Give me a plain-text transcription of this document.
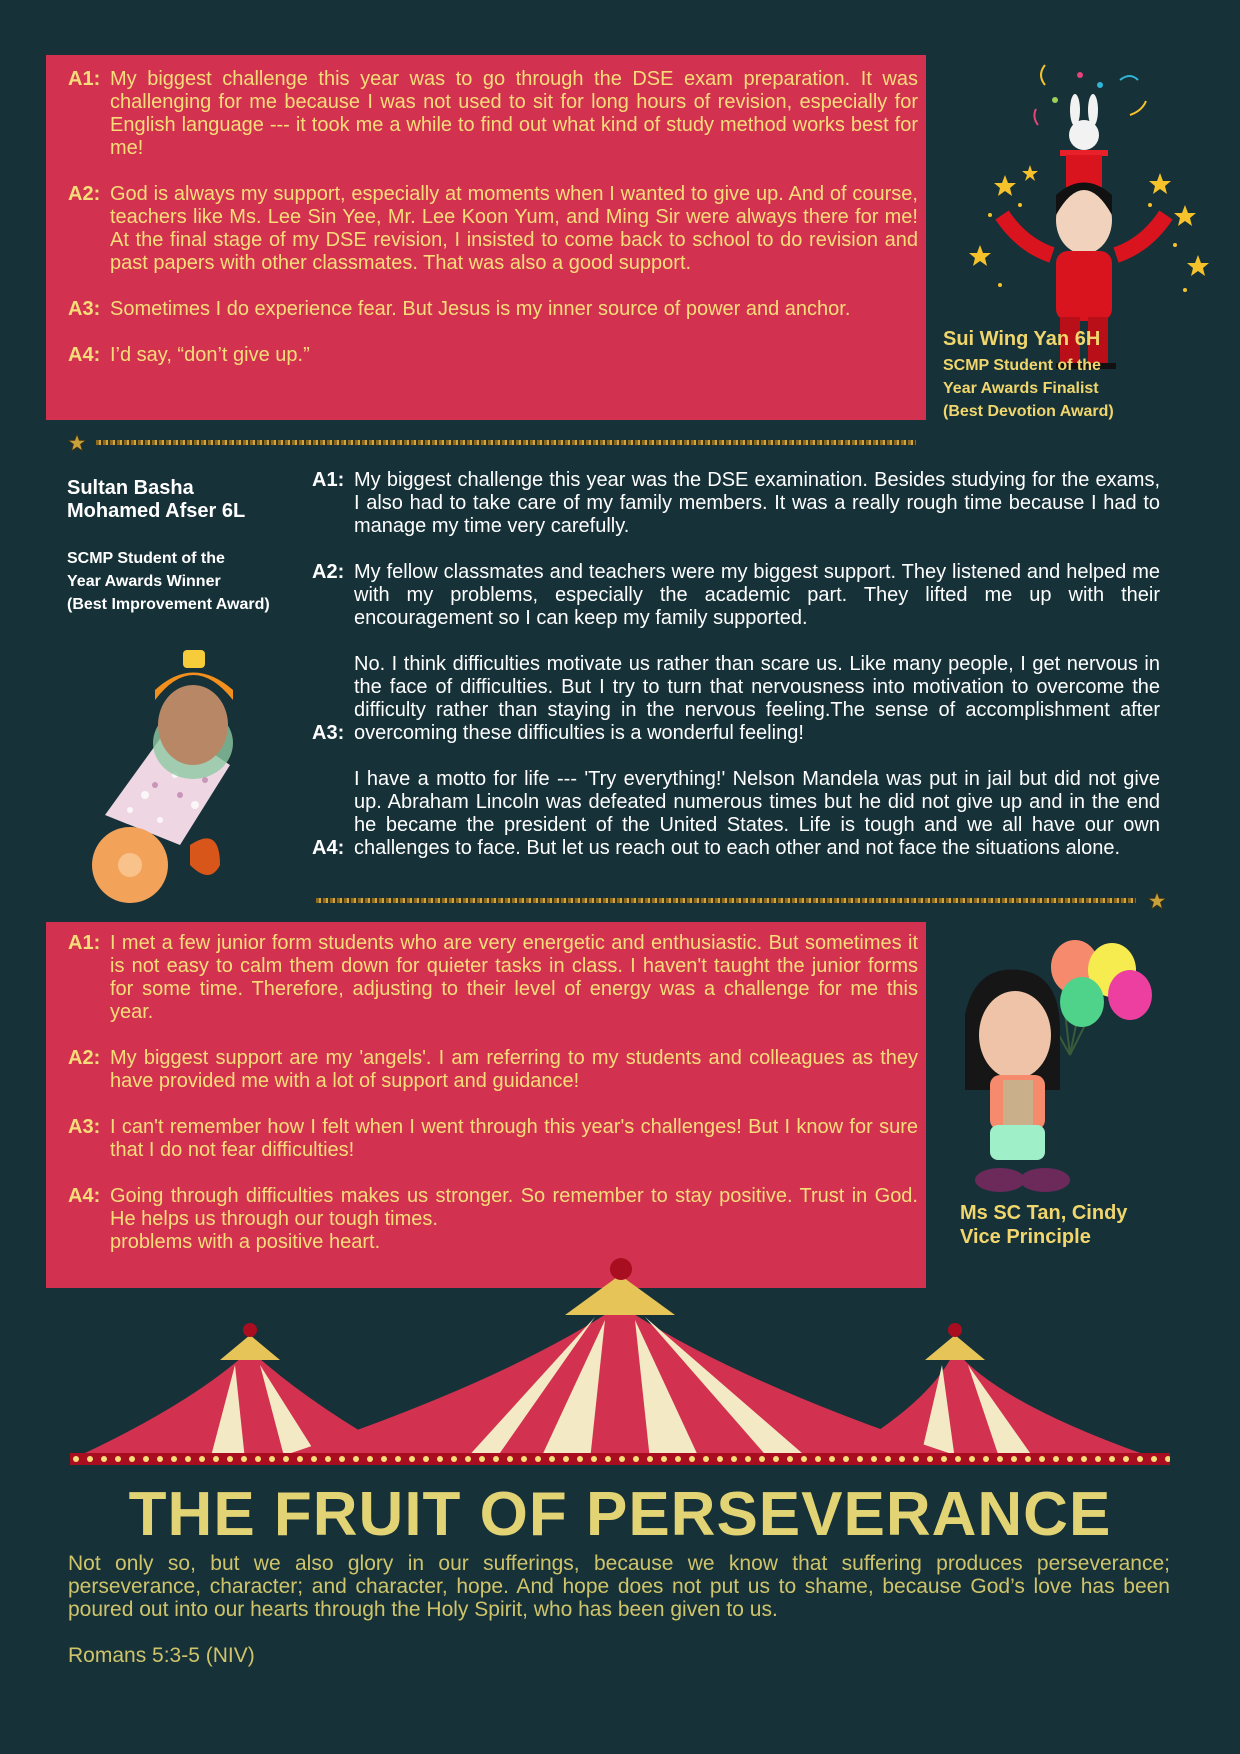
A1: My biggest challenge this year was to go through the DSE exam preparation. It was challenging for me because I was not used to sit for long hours of revision, especially for English language --- it took me a while to find out what kind of study method works best for me!
A2: God is always my support, especially at moments when I wanted to give up. And of course, teachers like Ms. Lee Sin Yee, Mr. Lee Koon Yum, and Ming Sir were always there for me! At the final stage of my DSE revision, I insisted to come back to school to do revision and past papers with other classmates. That was also a good support.
A3: Sometimes I do experience fear. But Jesus is my inner source of power and anchor.
A4: I’d say, “don’t give up.”
Sui Wing Yan 6H
SCMP Student of the
Year Awards Finalist
(Best Devotion Award)
Sultan Basha
Mohamed Afser 6L
SCMP Student of the
Year Awards Winner
(Best Improvement Award)
A1: My biggest challenge this year was the DSE examination. Besides studying for the exams, I also had to take care of my family members. It was a really rough time because I had to manage my time very carefully.
A2: My fellow classmates and teachers were my biggest support. They listened and helped me with my problems, especially the academic part. They lifted me up with their encouragement so I can keep my family supported.
A3:
No. I think difficulties motivate us rather than scare us. Like many people, I get nervous in the face of difficulties. But I try to turn that nervousness into motivation to overcome the difficulty rather than staying in the nervous feeling.The sense of accomplishment after overcoming these difficulties is a wonderful feeling!
A4:
I have a motto for life --- 'Try everything!' Nelson Mandela was put in jail but did not give up. Abraham Lincoln was defeated numerous times but he did not give up and in the end he became the president of the United States. Life is tough and we all have our own challenges to face. But let us reach out to each other and not face the situations alone.
A1: I met a few junior form students who are very energetic and enthusiastic. But sometimes it is not easy to calm them down for quieter tasks in class. I haven't taught the junior forms for some time. Therefore, adjusting to their level of energy was a challenge for me this year.
A2: My biggest support are my 'angels'. I am referring to my students and colleagues as they have provided me with a lot of support and guidance!
A3: I can't remember how I felt when I went through this year's challenges! But I know for sure that I do not fear difficulties!
A4: Going through difficulties makes us stronger. So remember to stay positive. Trust in God. He helps us through our tough times.
problems with a positive heart.
Ms SC Tan, Cindy
Vice Principle
THE FRUIT OF PERSEVERANCE
Not only so, but we also glory in our sufferings, because we know that suffering produces perseverance; perseverance, character; and character, hope. And hope does not put us to shame, because God’s love has been poured out into our hearts through the Holy Spirit, who has been given to us.
Romans 5:3-5 (NIV)
